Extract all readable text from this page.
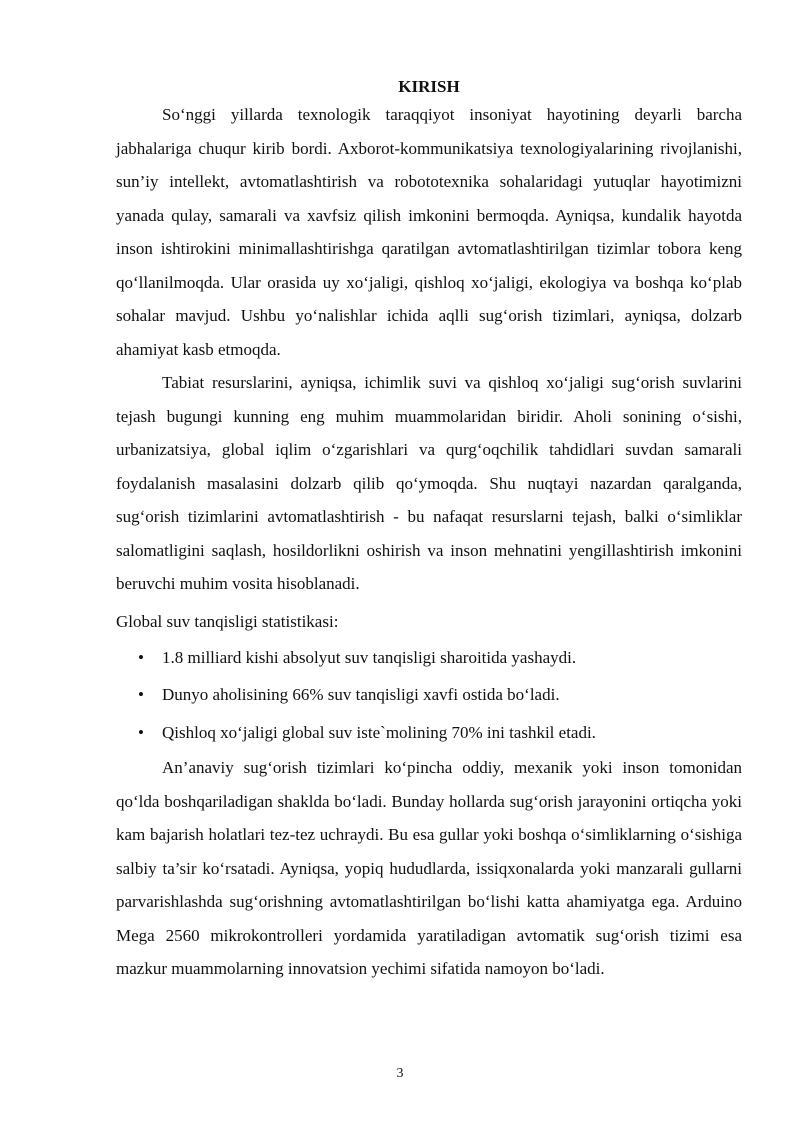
KIRISH

So‘nggi yillarda texnologik taraqqiyot insoniyat hayotining deyarli barcha jabhalariga chuqur kirib bordi. Axborot-kommunikatsiya texnologiyalarining rivojlanishi, sun’iy intellekt, avtomatlashtirish va robototexnika sohalaridagi yutuqlar hayotimizni yanada qulay, samarali va xavfsiz qilish imkonini bermoqda. Ayniqsa, kundalik hayotda inson ishtirokini minimallashtirishga qaratilgan avtomatlashtirilgan tizimlar tobora keng qo‘llanilmoqda. Ular orasida uy xo‘jaligi, qishloq xo‘jaligi, ekologiya va boshqa ko‘plab sohalar mavjud. Ushbu yo‘nalishlar ichida aqlli sug‘orish tizimlari, ayniqsa, dolzarb ahamiyat kasb etmoqda.

Tabiat resurslarini, ayniqsa, ichimlik suvi va qishloq xo‘jaligi sug‘orish suvlarini tejash bugungi kunning eng muhim muammolaridan biridir. Aholi sonining o‘sishi, urbanizatsiya, global iqlim o‘zgarishlari va qurg‘oqchilik tahdidlari suvdan samarali foydalanish masalasini dolzarb qilib qo‘ymoqda. Shu nuqtayi nazardan qaralganda, sug‘orish tizimlarini avtomatlashtirish - bu nafaqat resurslarni tejash, balki o‘simliklar salomatligini saqlash, hosildorlikni oshirish va inson mehnatini yengillashtirish imkonini beruvchi muhim vosita hisoblanadi.

Global suv tanqisligi statistikasi:

• 1.8 milliard kishi absolyut suv tanqisligi sharoitida yashaydi.
• Dunyo aholisining 66% suv tanqisligi xavfi ostida bo‘ladi.
• Qishloq xo‘jaligi global suv iste`molining 70% ini tashkil etadi.

An’anaviy sug‘orish tizimlari ko‘pincha oddiy, mexanik yoki inson tomonidan qo‘lda boshqariladigan shaklda bo‘ladi. Bunday hollarda sug‘orish jarayonini ortiqcha yoki kam bajarish holatlari tez-tez uchraydi. Bu esa gullar yoki boshqa o‘simliklarning o‘sishiga salbiy ta’sir ko‘rsatadi. Ayniqsa, yopiq hududlarda, issiqxonalarda yoki manzarali gullarni parvarishlashda sug‘orishning avtomatlashtirilgan bo‘lishi katta ahamiyatga ega. Arduino Mega 2560 mikrokontrolleri yordamida yaratiladigan avtomatik sug‘orish tizimi esa mazkur muammolarning innovatsion yechimi sifatida namoyon bo‘ladi.

3
